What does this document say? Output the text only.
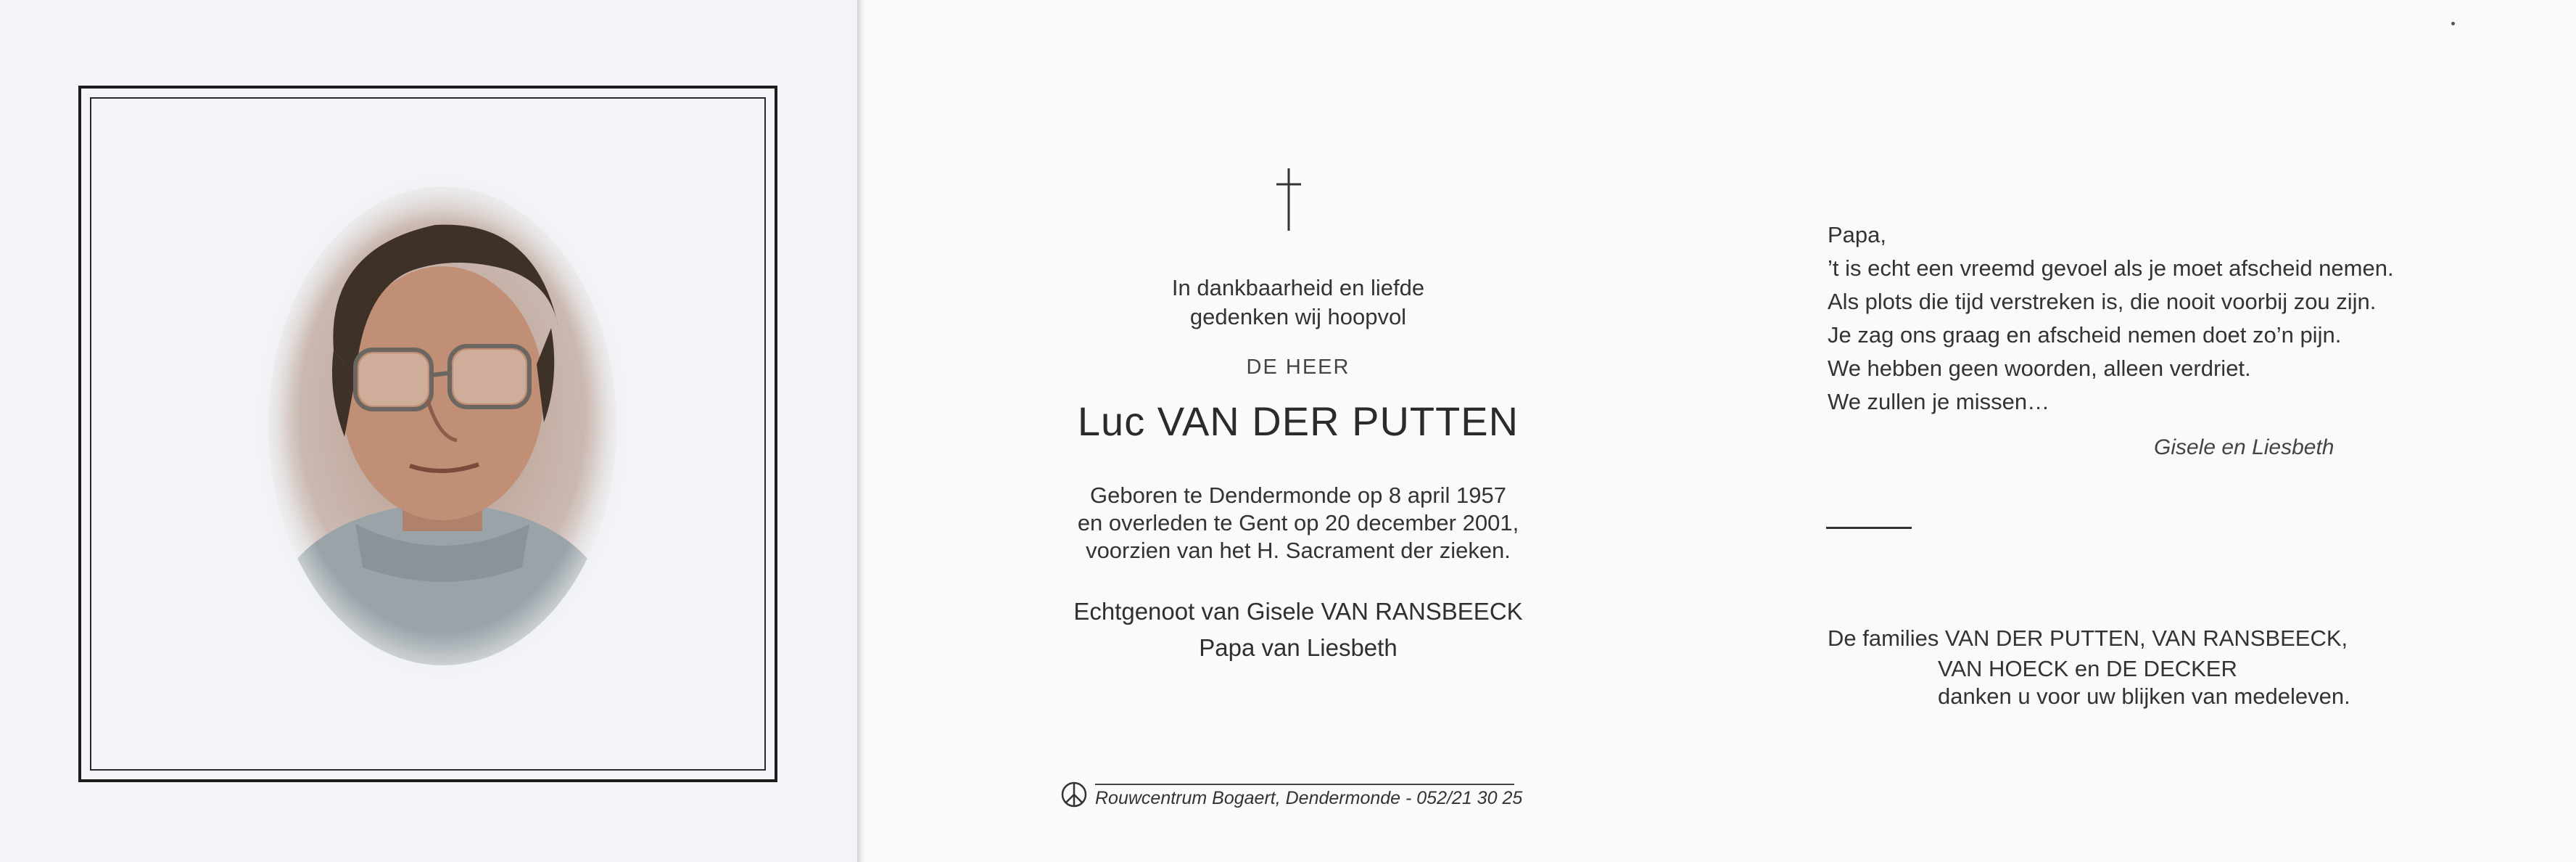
In dankbaarheid en liefde
gedenken wij hoopvol
DE HEER
Luc VAN DER PUTTEN
Geboren te Dendermonde op 8 april 1957
en overleden te Gent op 20 december 2001,
voorzien van het H. Sacrament der zieken.
Echtgenoot van Gisele VAN RANSBEECK
Papa van Liesbeth
Papa,
’t is echt een vreemd gevoel als je moet afscheid nemen.
Als plots die tijd verstreken is, die nooit voorbij zou zijn.
Je zag ons graag en afscheid nemen doet zo’n pijn.
We hebben geen woorden, alleen verdriet.
We zullen je missen…
Gisele en Liesbeth
De families VAN DER PUTTEN, VAN RANSBEECK,
VAN HOECK en DE DECKER
danken u voor uw blijken van medeleven.
Rouwcentrum Bogaert, Dendermonde - 052/21 30 25
